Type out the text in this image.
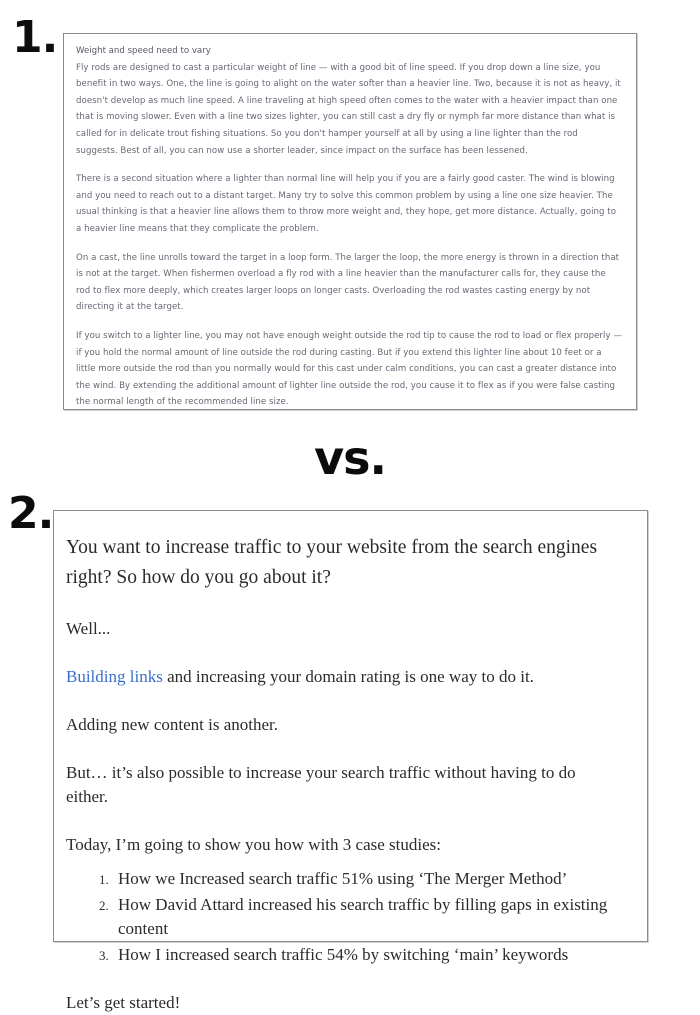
1. Weight and speed need to vary

Fly rods are designed to cast a particular weight of line — with a good bit of line speed. If you drop down a line size, you benefit in two ways. One, the line is going to alight on the water softer than a heavier line. Two, because it is not as heavy, it doesn't develop as much line speed. A line traveling at high speed often comes to the water with a heavier impact than one that is moving slower. Even with a line two sizes lighter, you can still cast a dry fly or nymph far more distance than what is called for in delicate trout fishing situations. So you don't hamper yourself at all by using a line lighter than the rod suggests. Best of all, you can now use a shorter leader, since impact on the surface has been lessened.

There is a second situation where a lighter than normal line will help you if you are a fairly good caster. The wind is blowing and you need to reach out to a distant target. Many try to solve this common problem by using a line one size heavier. The usual thinking is that a heavier line allows them to throw more weight and, they hope, get more distance. Actually, going to a heavier line means that they complicate the problem.

On a cast, the line unrolls toward the target in a loop form. The larger the loop, the more energy is thrown in a direction that is not at the target. When fishermen overload a fly rod with a line heavier than the manufacturer calls for, they cause the rod to flex more deeply, which creates larger loops on longer casts. Overloading the rod wastes casting energy by not directing it at the target.

If you switch to a lighter line, you may not have enough weight outside the rod tip to cause the rod to load or flex properly — if you hold the normal amount of line outside the rod during casting. But if you extend this lighter line about 10 feet or a little more outside the rod than you normally would for this cast under calm conditions, you can cast a greater distance into the wind. By extending the additional amount of lighter line outside the rod, you cause it to flex as if you were false casting the normal length of the recommended line size.

vs.
2.

You want to increase traffic to your website from the search engines right? So how do you go about it?

Well...

Building links and increasing your domain rating is one way to do it.

Adding new content is another.

But… it’s also possible to increase your search traffic without having to do either.

Today, I’m going to show you how with 3 case studies:

1. How we Increased search traffic 51% using ‘The Merger Method’
2. How David Attard increased his search traffic by filling gaps in existing content
3. How I increased search traffic 54% by switching ‘main’ keywords

Let’s get started!
